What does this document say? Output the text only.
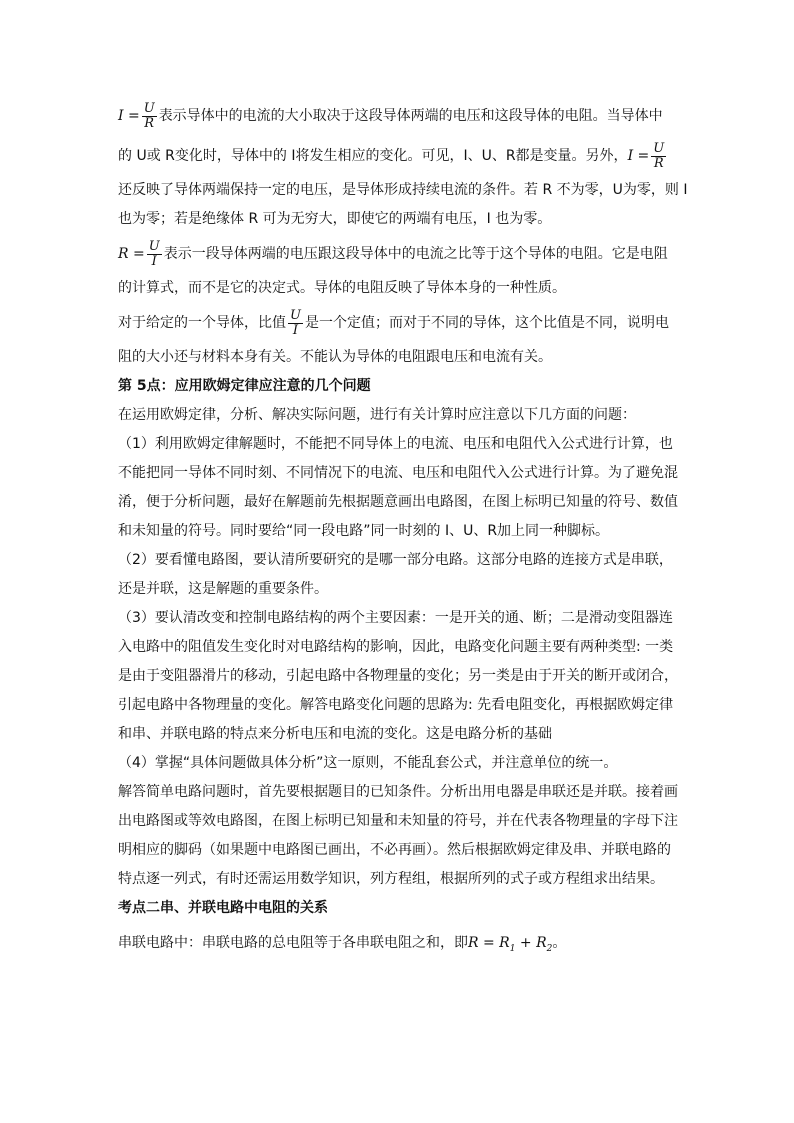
$I = \frac{U}{R}$ 表示导体中的电流的大小取决于这段导体两端的电压和这段导体的电阻。当导体中
的 U或 R变化时，导体中的 I将发生相应的变化。可见，I、U、R都是变量。另外，$I = \frac{U}{R}$
还反映了导体两端保持一定的电压，是导体形成持续电流的条件。若 R 不为零，U为零，则 I
也为零；若是绝缘体 R 可为无穷大，即使它的两端有电压，I 也为零。
$R = \frac{U}{I}$ 表示一段导体两端的电压跟这段导体中的电流之比等于这个导体的电阻。它是电阻
的计算式，而不是它的决定式。导体的电阻反映了导体本身的一种性质。
对于给定的一个导体，比值 $\frac{U}{I}$ 是一个定值；而对于不同的导体，这个比值是不同，说明电
阻的大小还与材料本身有关。不能认为导体的电阻跟电压和电流有关。
第 5点：应用欧姆定律应注意的几个问题
在运用欧姆定律，分析、解决实际问题，进行有关计算时应注意以下几方面的问题：
（1）利用欧姆定律解题时，不能把不同导体上的电流、电压和电阻代入公式进行计算，也
不能把同一导体不同时刻、不同情况下的电流、电压和电阻代入公式进行计算。为了避免混
淆，便于分析问题，最好在解题前先根据题意画出电路图，在图上标明已知量的符号、数值
和未知量的符号。同时要给“同一段电路”同一时刻的 I、U、R加上同一种脚标。
（2）要看懂电路图，要认清所要研究的是哪一部分电路。这部分电路的连接方式是串联，
还是并联，这是解题的重要条件。
（3）要认清改变和控制电路结构的两个主要因素：一是开关的通、断；二是滑动变阻器连
入电路中的阻值发生变化时对电路结构的影响，因此，电路变化问题主要有两种类型: 一类
是由于变阻器滑片的移动，引起电路中各物理量的变化；另一类是由于开关的断开或闭合，
引起电路中各物理量的变化。解答电路变化问题的思路为: 先看电阻变化，再根据欧姆定律
和串、并联电路的特点来分析电压和电流的变化。这是电路分析的基础
（4）掌握“具体问题做具体分析”这一原则，不能乱套公式，并注意单位的统一。
解答简单电路问题时，首先要根据题目的已知条件。分析出用电器是串联还是并联。接着画
出电路图或等效电路图，在图上标明已知量和未知量的符号，并在代表各物理量的字母下注
明相应的脚码（如果题中电路图已画出，不必再画）。然后根据欧姆定律及串、并联电路的
特点逐一列式，有时还需运用数学知识，列方程组，根据所列的式子或方程组求出结果。
考点二串、并联电路中电阻的关系
串联电路中：串联电路的总电阻等于各串联电阻之和，即$R = R_1 + R_2$。
